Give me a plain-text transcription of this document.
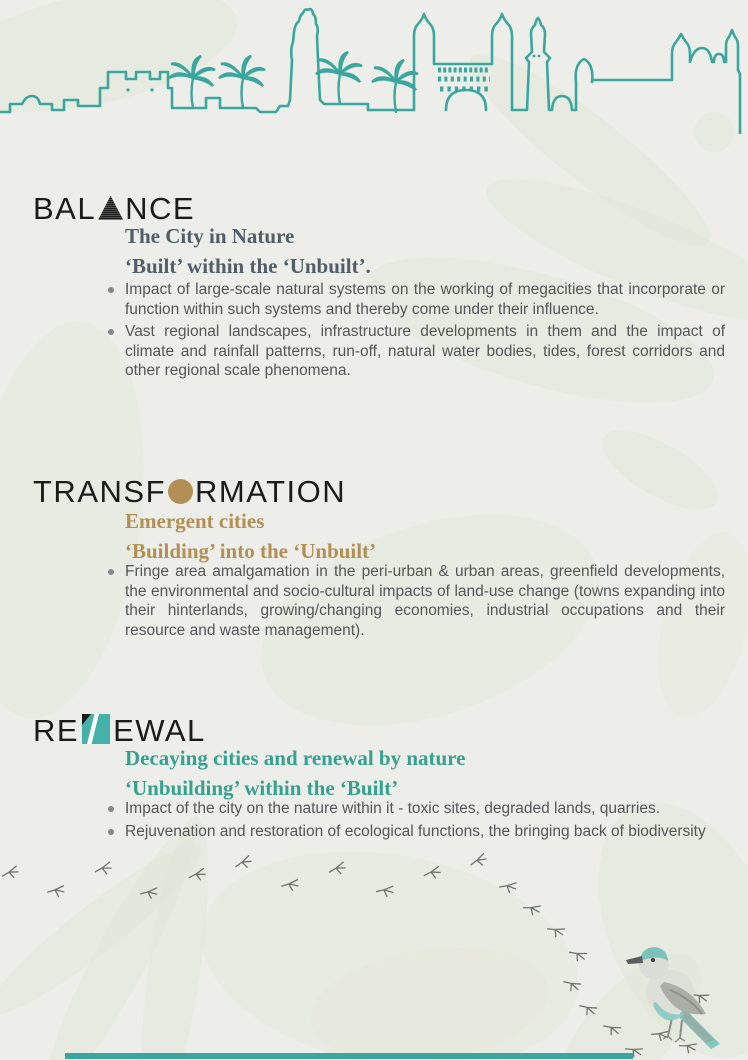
BAL NCE
The City in Nature
‘Built’ within the ‘Unbuilt’.
Impact of large-scale natural systems on the working of megacities that incorporate or function within such systems and thereby come under their influence.
Vast regional landscapes, infrastructure developments in them and the impact of climate and rainfall patterns, run-off, natural water bodies, tides, forest corridors and other regional scale phenomena.
TRANSF RMATION
Emergent cities
‘Building’ into the ‘Unbuilt’
Fringe area amalgamation in the peri-urban & urban areas, greenfield developments, the environmental and socio-cultural impacts of land-use change (towns expanding into their hinterlands, growing/changing economies, industrial occupations and their resource and waste management).
RE EWAL
Decaying cities and renewal by nature
‘Unbuilding’ within the ‘Built’
Impact of the city on the nature within it - toxic sites, degraded lands, quarries.
Rejuvenation and restoration of ecological functions, the bringing back of biodiversity
